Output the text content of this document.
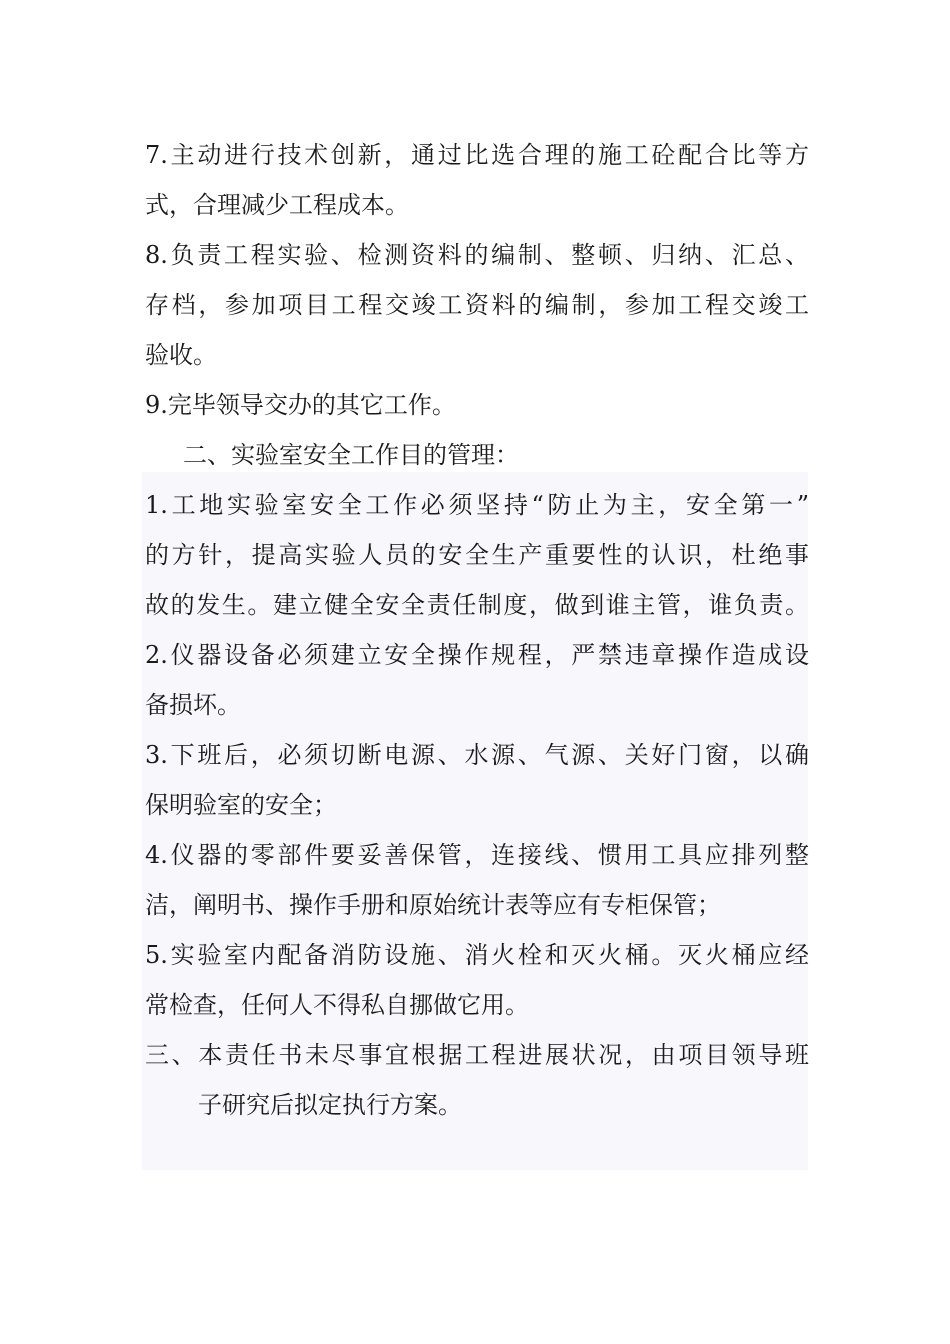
7.主动进行技术创新，通过比选合理的施工砼配合比等方
式，合理减少工程成本。
8.负责工程实验、检测资料的编制、整顿、归纳、汇总、
存档，参加项目工程交竣工资料的编制，参加工程交竣工
验收。
9.完毕领导交办的其它工作。
二、实验室安全工作目的管理：
1.工地实验室安全工作必须坚持“防止为主，安全第一”
的方针，提高实验人员的安全生产重要性的认识，杜绝事
故的发生。建立健全安全责任制度，做到谁主管，谁负责。
2.仪器设备必须建立安全操作规程，严禁违章操作造成设
备损坏。
3.下班后，必须切断电源、水源、气源、关好门窗，以确
保明验室的安全；
4.仪器的零部件要妥善保管，连接线、惯用工具应排列整
洁，阐明书、操作手册和原始统计表等应有专柜保管；
5.实验室内配备消防设施、消火栓和灭火桶。灭火桶应经
常检查，任何人不得私自挪做它用。
三、本责任书未尽事宜根据工程进展状况，由项目领导班
子研究后拟定执行方案。
